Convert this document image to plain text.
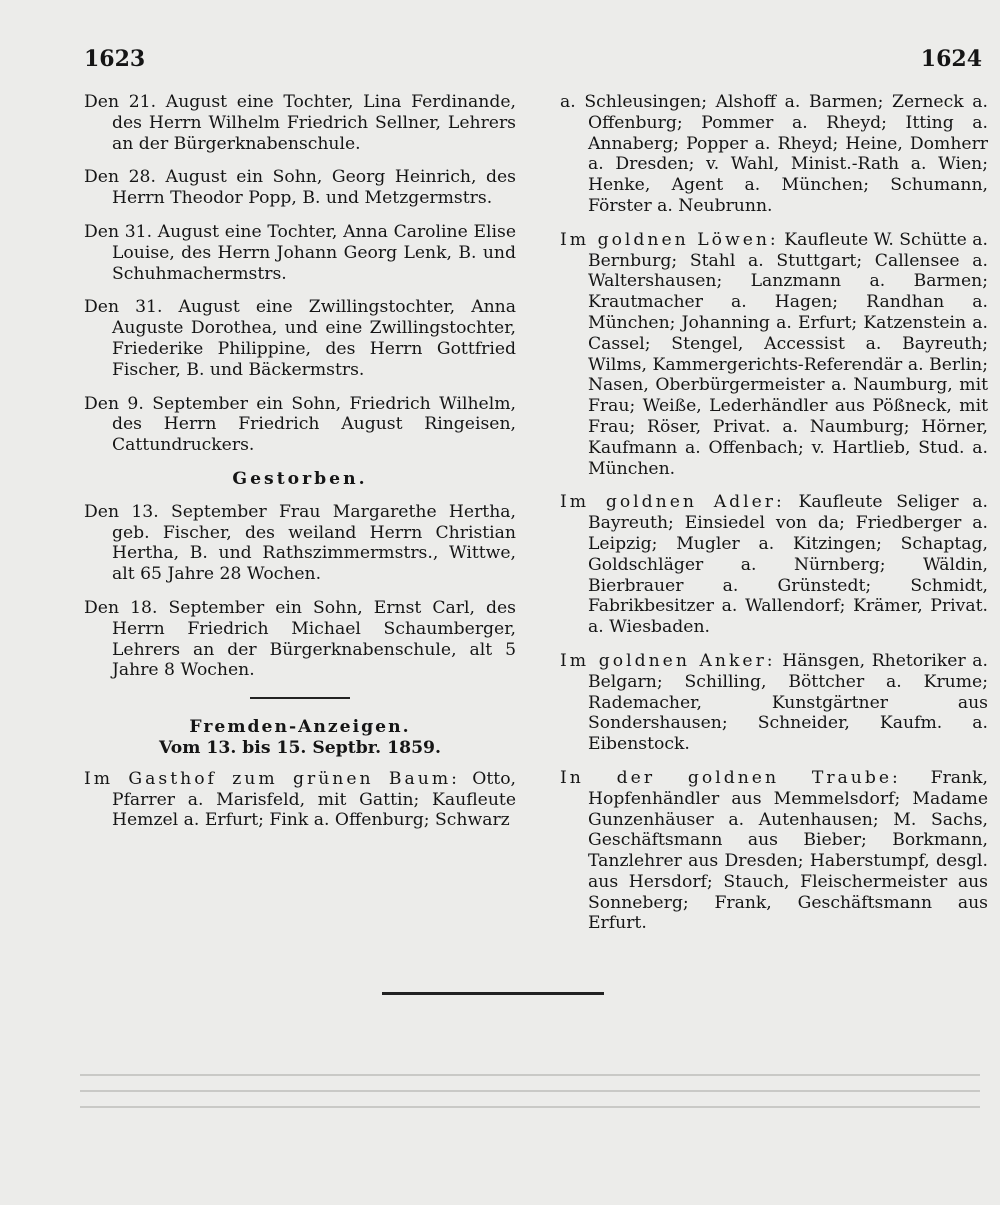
1623	1624

Den 21. August eine Tochter, Lina Ferdinande, des Herrn Wilhelm Friedrich Sellner, Lehrers an der Bürgerknabenschule.

Den 28. August ein Sohn, Georg Heinrich, des Herrn Theodor Popp, B. und Metzgermstrs.

Den 31. August eine Tochter, Anna Caroline Elise Louise, des Herrn Johann Georg Lenk, B. und Schuhmachermstrs.

Den 31. August eine Zwillingstochter, Anna Auguste Dorothea, und eine Zwillingstochter, Friederike Philippine, des Herrn Gottfried Fischer, B. und Bäckermstrs.

Den 9. September ein Sohn, Friedrich Wilhelm, des Herrn Friedrich August Ringeisen, Cattundruckers.

Gestorben.

Den 13. September Frau Margarethe Hertha, geb. Fischer, des weiland Herrn Christian Hertha, B. und Rathszimmermstrs., Wittwe, alt 65 Jahre 28 Wochen.

Den 18. September ein Sohn, Ernst Carl, des Herrn Friedrich Michael Schaumberger, Lehrers an der Bürgerknabenschule, alt 5 Jahre 8 Wochen.

Fremden-Anzeigen.

Vom 13. bis 15. Septbr. 1859.

Im Gasthof zum grünen Baum: Otto, Pfarrer a. Marisfeld, mit Gattin; Kaufleute Hemzel a. Erfurt; Fink a. Offenburg; Schwarz

a. Schleusingen; Alshoff a. Barmen; Zerneck a. Offenburg; Pommer a. Rheyd; Itting a. Annaberg; Popper a. Rheyd; Heine, Domherr a. Dresden; v. Wahl, Minist.-Rath a. Wien; Henke, Agent a. München; Schumann, Förster a. Neubrunn.

Im goldnen Löwen: Kaufleute W. Schütte a. Bernburg; Stahl a. Stuttgart; Callensee a. Waltershausen; Lanzmann a. Barmen; Krautmacher a. Hagen; Randhan a. München; Johanning a. Erfurt; Katzenstein a. Cassel; Stengel, Accessist a. Bayreuth; Wilms, Kammergerichts-Referendär a. Berlin; Nasen, Oberbürgermeister a. Naumburg, mit Frau; Weiße, Lederhändler aus Pößneck, mit Frau; Röser, Privat. a. Naumburg; Hörner, Kaufmann a. Offenbach; v. Hartlieb, Stud. a. München.

Im goldnen Adler: Kaufleute Seliger a. Bayreuth; Einsiedel von da; Friedberger a. Leipzig; Mugler a. Kitzingen; Schaptag, Goldschläger a. Nürnberg; Wäldin, Bierbrauer a. Grünstedt; Schmidt, Fabrikbesitzer a. Wallendorf; Krämer, Privat. a. Wiesbaden.

Im goldnen Anker: Hänsgen, Rhetoriker a. Belgarn; Schilling, Böttcher a. Krume; Rademacher, Kunstgärtner aus Sondershausen; Schneider, Kaufm. a. Eibenstock.

In der goldnen Traube: Frank, Hopfenhändler aus Memmelsdorf; Madame Gunzenhäuser a. Autenhausen; M. Sachs, Geschäftsmann aus Bieber; Borkmann, Tanzlehrer aus Dresden; Haberstumpf, desgl. aus Hersdorf; Stauch, Fleischermeister aus Sonneberg; Frank, Geschäftsmann aus Erfurt.
